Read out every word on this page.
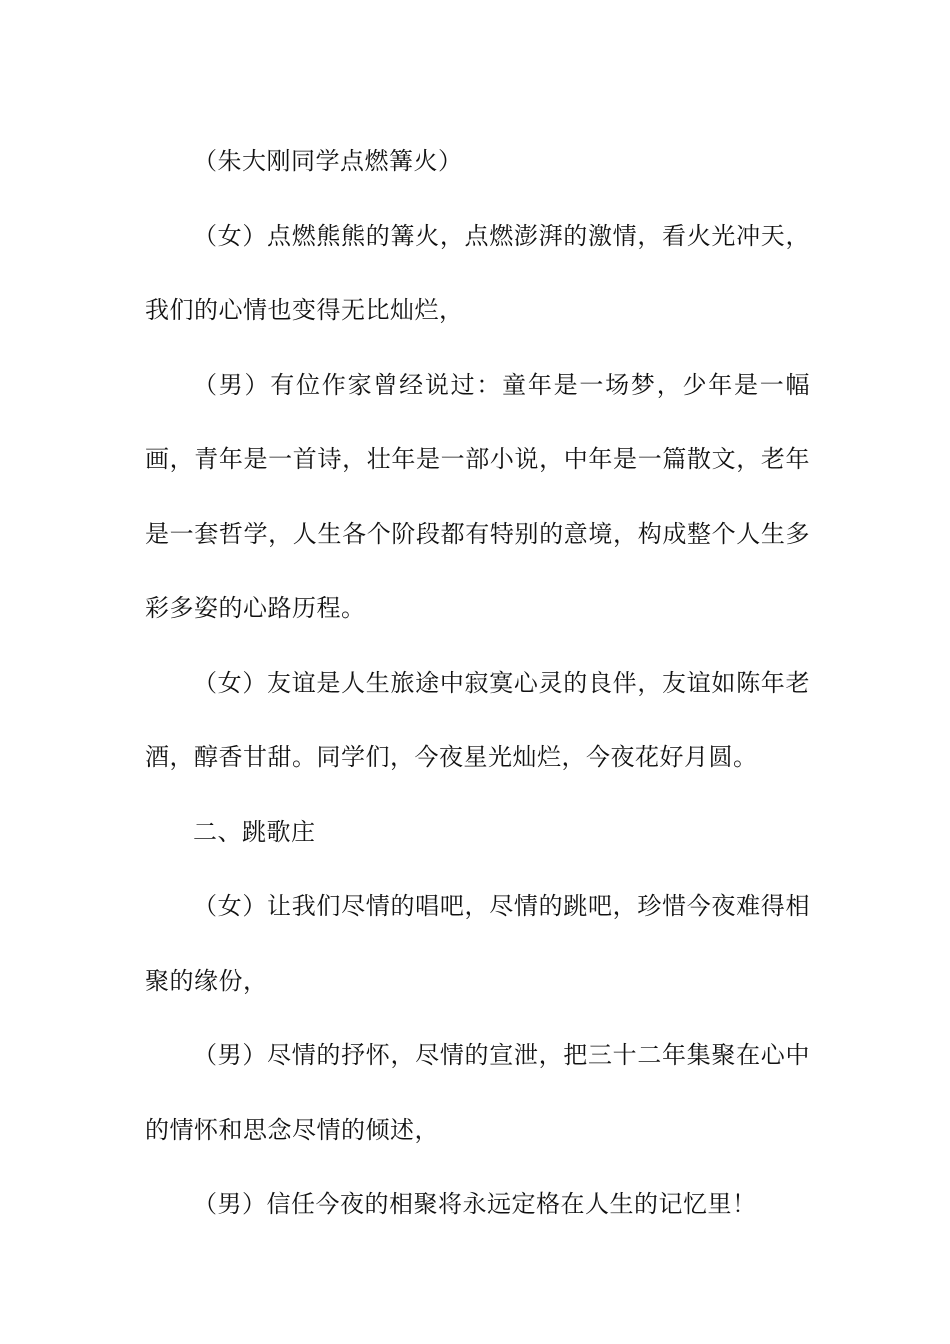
（朱大刚同学点燃篝火）

（女）点燃熊熊的篝火，点燃澎湃的激情，看火光冲天，我们的心情也变得无比灿烂，

（男）有位作家曾经说过：童年是一场梦，少年是一幅画，青年是一首诗，壮年是一部小说，中年是一篇散文，老年是一套哲学，人生各个阶段都有特别的意境，构成整个人生多彩多姿的心路历程。

（女）友谊是人生旅途中寂寞心灵的良伴，友谊如陈年老酒，醇香甘甜。同学们，今夜星光灿烂，今夜花好月圆。

二、跳歌庄

（女）让我们尽情的唱吧，尽情的跳吧，珍惜今夜难得相聚的缘份，

（男）尽情的抒怀，尽情的宣泄，把三十二年集聚在心中的情怀和思念尽情的倾述，

（男）信任今夜的相聚将永远定格在人生的记忆里！
